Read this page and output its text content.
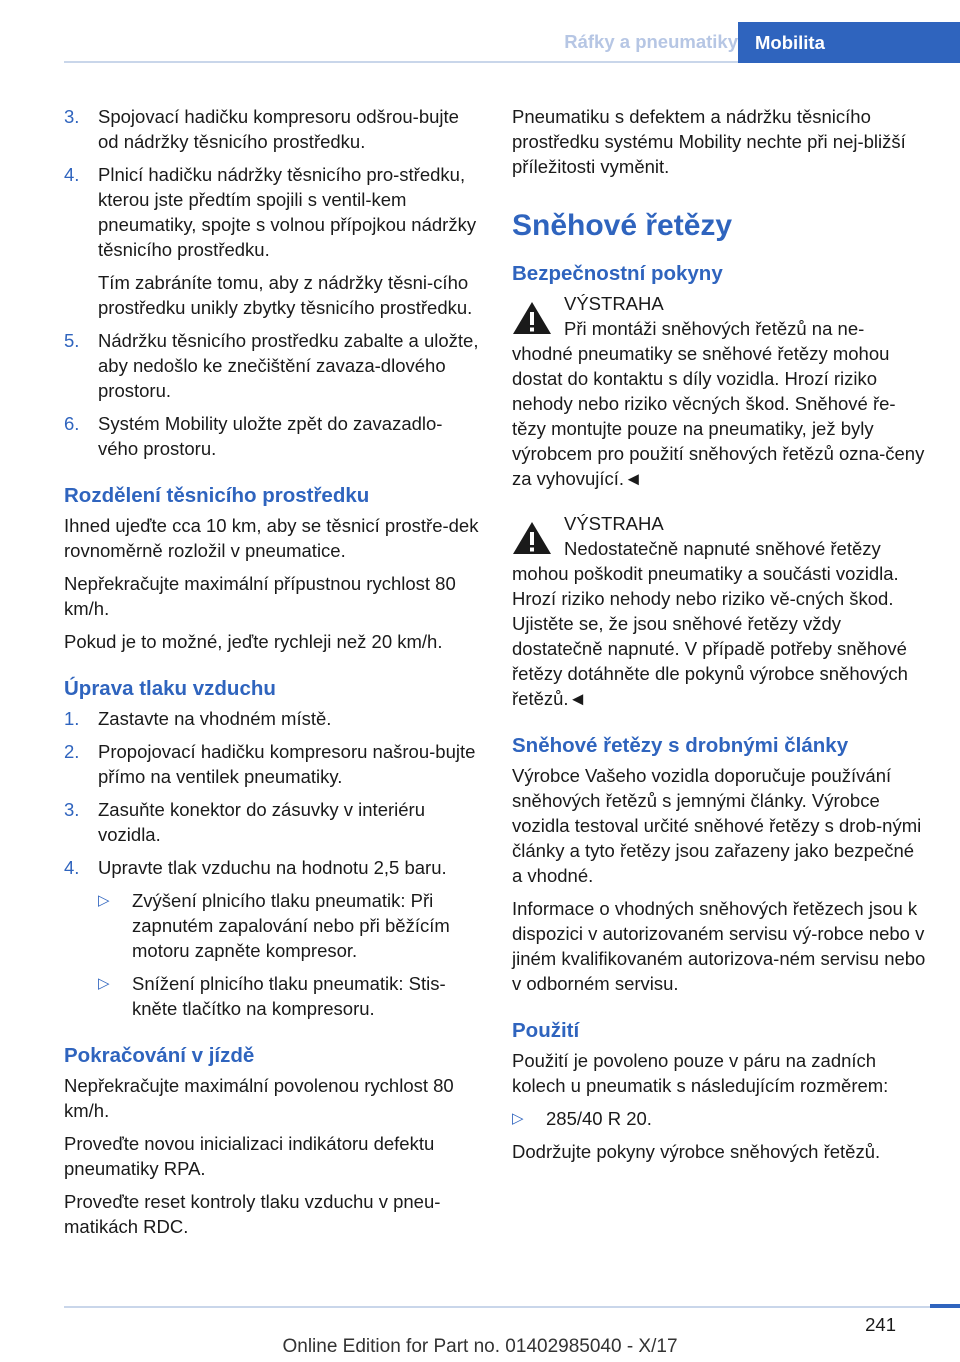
Ráfky a pneumatiky Mobilita
3.	Spojovací hadičku kompresoru odšrou‐bujte od nádržky těsnicího prostředku.
4.	Plnicí hadičku nádržky těsnicího pro‐středku, kterou jste předtím spojili s ventil‐kem pneumatiky, spojte s volnou přípojkou nádržky těsnicího prostředku.
Tím zabráníte tomu, aby z nádržky těsni‐cího prostředku unikly zbytky těsnicího prostředku.
5.	Nádržku těsnicího prostředku zabalte a uložte, aby nedošlo ke znečištění zavaza‐dlového prostoru.
6.	Systém Mobility uložte zpět do zavazadlo‐vého prostoru.
Rozdělení těsnicího prostředku
Ihned ujeďte cca 10 km, aby se těsnicí prostře‐dek rovnoměrně rozložil v pneumatice.
Nepřekračujte maximální přípustnou rychlost 80 km/h.
Pokud je to možné, jeďte rychleji než 20 km/h.
Úprava tlaku vzduchu
1.	Zastavte na vhodném místě.
2.	Propojovací hadičku kompresoru našrou‐bujte přímo na ventilek pneumatiky.
3.	Zasuňte konektor do zásuvky v interiéru vozidla.
4.	Upravte tlak vzduchu na hodnotu 2,5 baru.
▷	Zvýšení plnicího tlaku pneumatik: Při zapnutém zapalování nebo při běžícím motoru zapněte kompresor.
▷	Snížení plnicího tlaku pneumatik: Stis‐kněte tlačítko na kompresoru.
Pokračování v jízdě
Nepřekračujte maximální povolenou rychlost 80 km/h.
Proveďte novou inicializaci indikátoru defektu pneumatiky RPA.
Proveďte reset kontroly tlaku vzduchu v pneu‐matikách RDC.
Pneumatiku s defektem a nádržku těsnicího prostředku systému Mobility nechte při nej‐bližší příležitosti vyměnit.
Sněhové řetězy
Bezpečnostní pokyny
VÝSTRAHA
Při montáži sněhových řetězů na ne‐
vhodné pneumatiky se sněhové řetězy mohou dostat do kontaktu s díly vozidla. Hrozí riziko nehody nebo riziko věcných škod. Sněhové ře‐tězy montujte pouze na pneumatiky, jež byly výrobcem pro použití sněhových řetězů ozna‐čeny za vyhovující.◄
VÝSTRAHA
Nedostatečně napnuté sněhové řetězy
mohou poškodit pneumatiky a součásti vozidla. Hrozí riziko nehody nebo riziko vě‐cných škod. Ujistěte se, že jsou sněhové řetězy vždy dostatečně napnuté. V případě potřeby sněhové řetězy dotáhněte dle pokynů výrobce sněhových řetězů.◄
Sněhové řetězy s drobnými články
Výrobce Vašeho vozidla doporučuje používání sněhových řetězů s jemnými články. Výrobce vozidla testoval určité sněhové řetězy s drob‐nými články a tyto řetězy jsou zařazeny jako bezpečné a vhodné.
Informace o vhodných sněhových řetězech jsou k dispozici v autorizovaném servisu vý‐robce nebo v jiném kvalifikovaném autorizova‐ném servisu nebo v odborném servisu.
Použití
Použití je povoleno pouze v páru na zadních kolech u pneumatik s následujícím rozměrem:
▷	285/40 R 20.
Dodržujte pokyny výrobce sněhových řetězů.
241
Online Edition for Part no. 01402985040 - X/17
